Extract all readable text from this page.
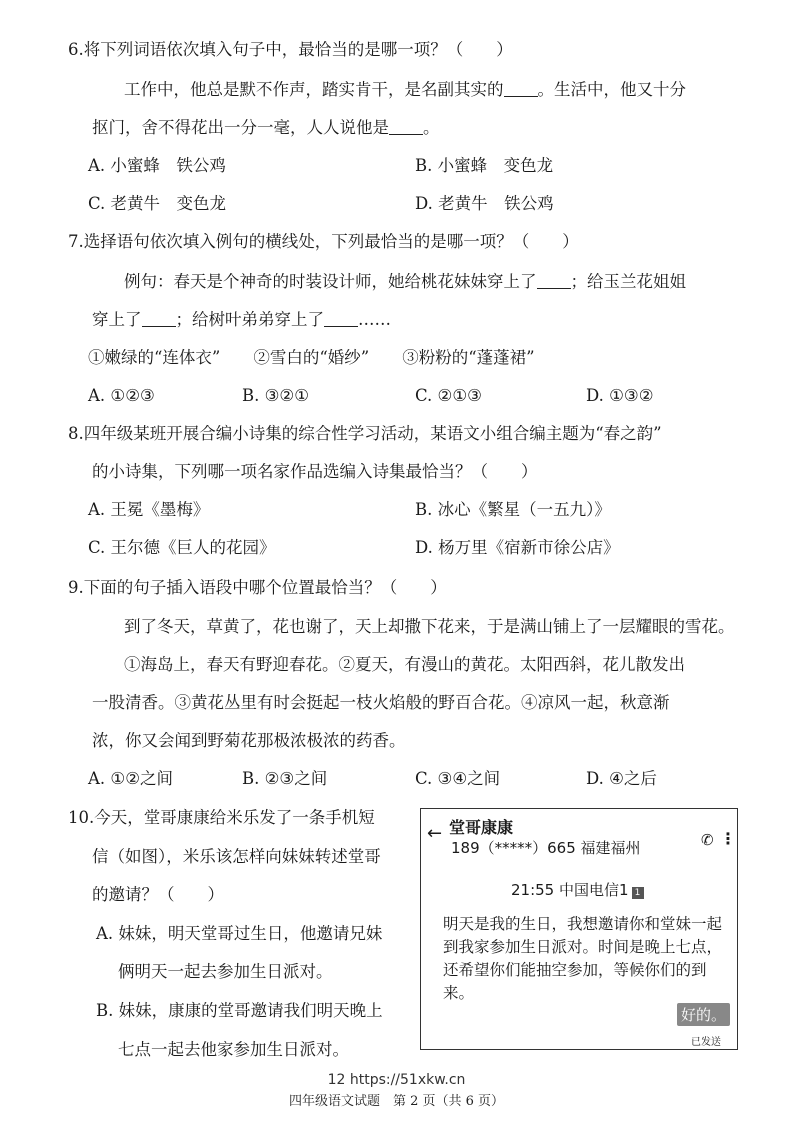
6.将下列词语依次填入句子中，最恰当的是哪一项？（　　）
工作中，他总是默不作声，踏实肯干，是名副其实的 。生活中，他又十分
抠门，舍不得花出一分一毫，人人说他是 。
A. 小蜜蜂　铁公鸡	B. 小蜜蜂　变色龙
C. 老黄牛　变色龙	D. 老黄牛　铁公鸡
7.选择语句依次填入例句的横线处，下列最恰当的是哪一项？（　　）
例句：春天是个神奇的时装设计师，她给桃花妹妹穿上了 ；给玉兰花姐姐
穿上了 ；给树叶弟弟穿上了 ……
①嫩绿的“连体衣”　　②雪白的“婚纱”　　③粉粉的“蓬蓬裙”
A. ①②③	B. ③②①	C. ②①③	D. ①③②
8.四年级某班开展合编小诗集的综合性学习活动，某语文小组合编主题为“春之韵”
的小诗集，下列哪一项名家作品选编入诗集最恰当？（　　）
A. 王冕《墨梅》	B. 冰心《繁星（一五九）》
C. 王尔德《巨人的花园》	D. 杨万里《宿新市徐公店》
9.下面的句子插入语段中哪个位置最恰当？（　　）
到了冬天，草黄了，花也谢了，天上却撒下花来，于是满山铺上了一层耀眼的雪花。
①海岛上，春天有野迎春花。②夏天，有漫山的黄花。太阳西斜，花儿散发出
一股清香。③黄花丛里有时会挺起一枝火焰般的野百合花。④凉风一起，秋意渐
浓，你又会闻到野菊花那极浓极浓的药香。
A. ①②之间	B. ②③之间	C. ③④之间	D. ④之后
10.今天，堂哥康康给米乐发了一条手机短
信（如图），米乐该怎样向妹妹转述堂哥
的邀请？（　　）
A. 妹妹，明天堂哥过生日，他邀请兄妹
俩明天一起去参加生日派对。
B. 妹妹，康康的堂哥邀请我们明天晚上
七点一起去他家参加生日派对。
← 堂哥康康
189（*****）665 福建福州	✆ ⋮
21:55 中国电信1 1
明天是我的生日，我想邀请你和堂妹一起到我家参加生日派对。时间是晚上七点，还希望你们能抽空参加，等候你们的到来。
好的。
已发送
12 https://51xkw.cn
四年级语文试题　第 2 页（共 6 页）
